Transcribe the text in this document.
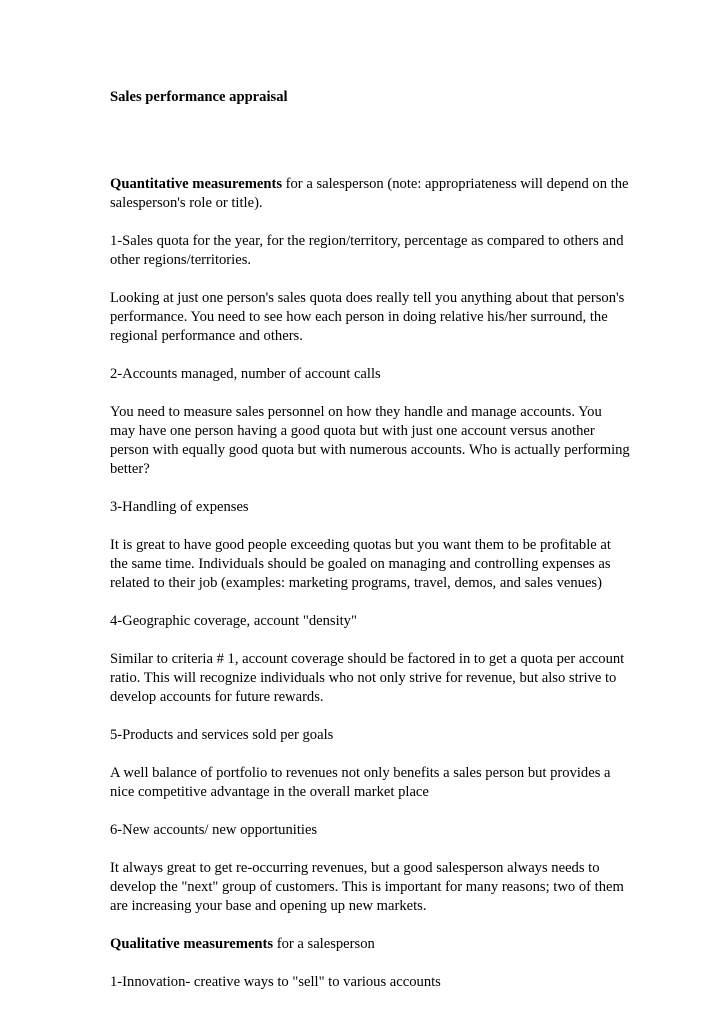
Sales performance appraisal

Quantitative measurements for a salesperson (note: appropriateness will depend on the salesperson's role or title).

1-Sales quota for the year, for the region/territory, percentage as compared to others and other regions/territories.

Looking at just one person's sales quota does really tell you anything about that person's performance. You need to see how each person in doing relative his/her surround, the regional performance and others.

2-Accounts managed, number of account calls

You need to measure sales personnel on how they handle and manage accounts. You may have one person having a good quota but with just one account versus another person with equally good quota but with numerous accounts. Who is actually performing better?

3-Handling of expenses

It is great to have good people exceeding quotas but you want them to be profitable at the same time. Individuals should be goaled on managing and controlling expenses as related to their job (examples: marketing programs, travel, demos, and sales venues)

4-Geographic coverage, account "density"

Similar to criteria # 1, account coverage should be factored in to get a quota per account ratio. This will recognize individuals who not only strive for revenue, but also strive to develop accounts for future rewards.

5-Products and services sold per goals

A well balance of portfolio to revenues not only benefits a sales person but provides a nice competitive advantage in the overall market place

6-New accounts/ new opportunities

It always great to get re-occurring revenues, but a good salesperson always needs to develop the "next" group of customers. This is important for many reasons; two of them are increasing your base and opening up new markets.

Qualitative measurements for a salesperson

1-Innovation- creative ways to "sell" to various accounts
